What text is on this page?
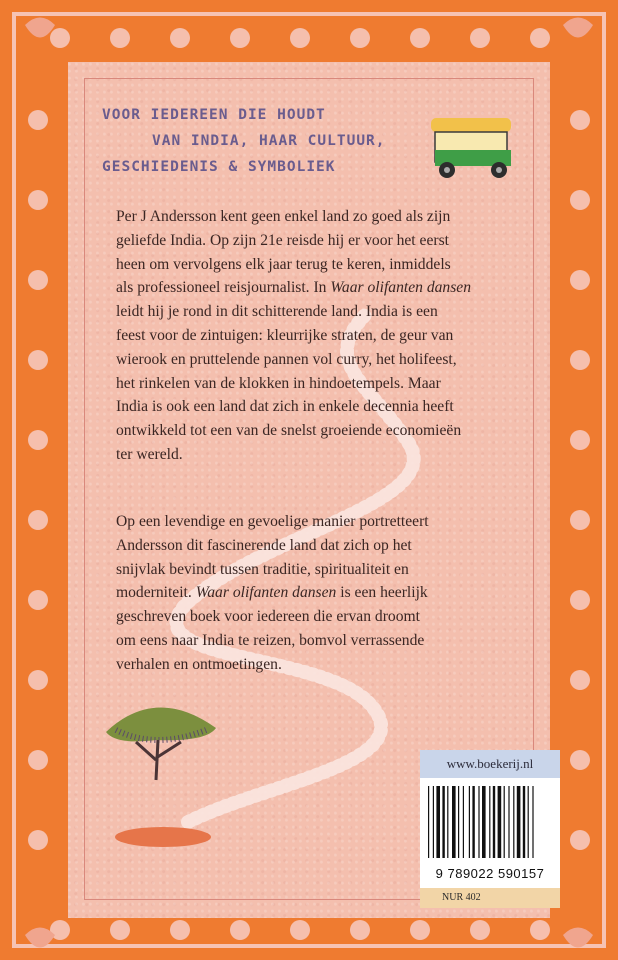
VOOR IEDEREEN DIE HOUDT
VAN INDIA, HAAR CULTUUR,
GESCHIEDENIS & SYMBOLIEK
Per J Andersson kent geen enkel land zo goed als zijn
geliefde India. Op zijn 21e reisde hij er voor het eerst
heen om vervolgens elk jaar terug te keren, inmiddels
als professioneel reisjournalist. In Waar olifanten dansen
leidt hij je rond in dit schitterende land. India is een
feest voor de zintuigen: kleurrijke straten, de geur van
wierook en pruttelende pannen vol curry, het holifeest,
het rinkelen van de klokken in hindoetempels. Maar
India is ook een land dat zich in enkele decennia heeft
ontwikkeld tot een van de snelst groeiende economieën
ter wereld.
Op een levendige en gevoelige manier portretteert
Andersson dit fascinerende land dat zich op het
snijvlak bevindt tussen traditie, spiritualiteit en
moderniteit. Waar olifanten dansen is een heerlijk
geschreven boek voor iedereen die ervan droomt
om eens naar India te reizen, bomvol verrassende
verhalen en ontmoetingen.
www.boekerij.nl
9 789022 590157
NUR 402
